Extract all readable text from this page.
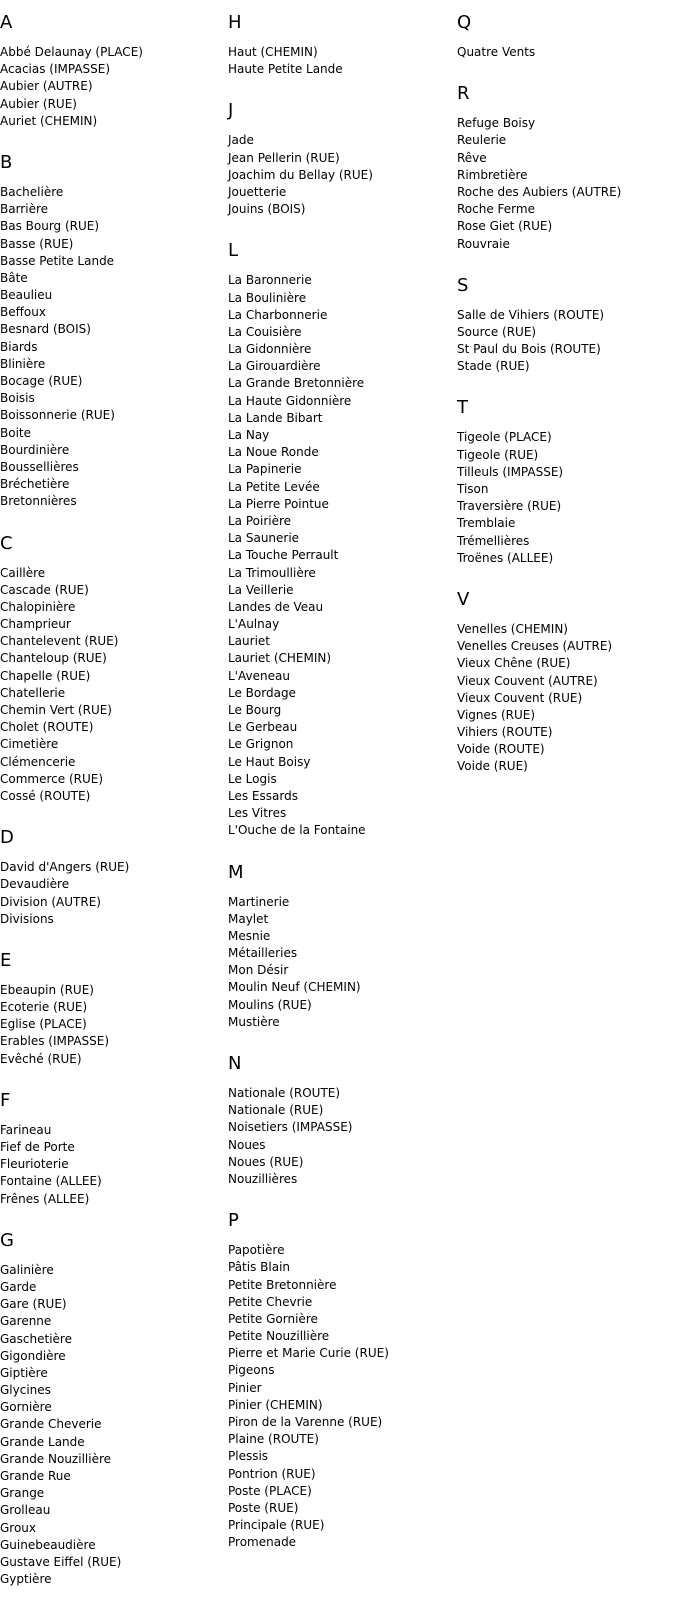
A
Abbé Delaunay (PLACE)
Acacias (IMPASSE)
Aubier (AUTRE)
Aubier (RUE)
Auriet (CHEMIN)
B
Bachelière
Barrière
Bas Bourg (RUE)
Basse (RUE)
Basse Petite Lande
Bâte
Beaulieu
Beffoux
Besnard (BOIS)
Biards
Blinière
Bocage (RUE)
Boisis
Boissonnerie (RUE)
Boite
Bourdinière
Boussellières
Bréchetière
Bretonnières
C
Caillère
Cascade (RUE)
Chalopinière
Champrieur
Chantelevent (RUE)
Chanteloup (RUE)
Chapelle (RUE)
Chatellerie
Chemin Vert (RUE)
Cholet (ROUTE)
Cimetière
Clémencerie
Commerce (RUE)
Cossé (ROUTE)
D
David d'Angers (RUE)
Devaudière
Division (AUTRE)
Divisions
E
Ebeaupin (RUE)
Ecoterie (RUE)
Eglise (PLACE)
Erables (IMPASSE)
Evêché (RUE)
F
Farineau
Fief de Porte
Fleurioterie
Fontaine (ALLEE)
Frênes (ALLEE)
G
Galinière
Garde
Gare (RUE)
Garenne
Gaschetière
Gigondière
Giptière
Glycines
Gornière
Grande Cheverie
Grande Lande
Grande Nouzillière
Grande Rue
Grange
Grolleau
Groux
Guinebeaudière
Gustave Eiffel (RUE)
Gyptière
H
Haut (CHEMIN)
Haute Petite Lande
J
Jade
Jean Pellerin (RUE)
Joachim du Bellay (RUE)
Jouetterie
Jouins (BOIS)
L
La Baronnerie
La Boulinière
La Charbonnerie
La Couisière
La Gidonnière
La Girouardière
La Grande Bretonnière
La Haute Gidonnière
La Lande Bibart
La Nay
La Noue Ronde
La Papinerie
La Petite Levée
La Pierre Pointue
La Poirière
La Saunerie
La Touche Perrault
La Trimoullière
La Veillerie
Landes de Veau
L'Aulnay
Lauriet
Lauriet (CHEMIN)
L'Aveneau
Le Bordage
Le Bourg
Le Gerbeau
Le Grignon
Le Haut Boisy
Le Logis
Les Essards
Les Vitres
L'Ouche de la Fontaine
M
Martinerie
Maylet
Mesnie
Métailleries
Mon Désir
Moulin Neuf (CHEMIN)
Moulins (RUE)
Mustière
N
Nationale (ROUTE)
Nationale (RUE)
Noisetiers (IMPASSE)
Noues
Noues (RUE)
Nouzillières
P
Papotière
Pâtis Blain
Petite Bretonnière
Petite Chevrie
Petite Gornière
Petite Nouzillière
Pierre et Marie Curie (RUE)
Pigeons
Pinier
Pinier (CHEMIN)
Piron de la Varenne (RUE)
Plaine (ROUTE)
Plessis
Pontrion (RUE)
Poste (PLACE)
Poste (RUE)
Principale (RUE)
Promenade
Q
Quatre Vents
R
Refuge Boisy
Reulerie
Rêve
Rimbretière
Roche des Aubiers (AUTRE)
Roche Ferme
Rose Giet (RUE)
Rouvraie
S
Salle de Vihiers (ROUTE)
Source (RUE)
St Paul du Bois (ROUTE)
Stade (RUE)
T
Tigeole (PLACE)
Tigeole (RUE)
Tilleuls (IMPASSE)
Tison
Traversière (RUE)
Tremblaie
Trémellières
Troënes (ALLEE)
V
Venelles (CHEMIN)
Venelles Creuses (AUTRE)
Vieux Chêne (RUE)
Vieux Couvent (AUTRE)
Vieux Couvent (RUE)
Vignes (RUE)
Vihiers (ROUTE)
Voide (ROUTE)
Voide (RUE)
